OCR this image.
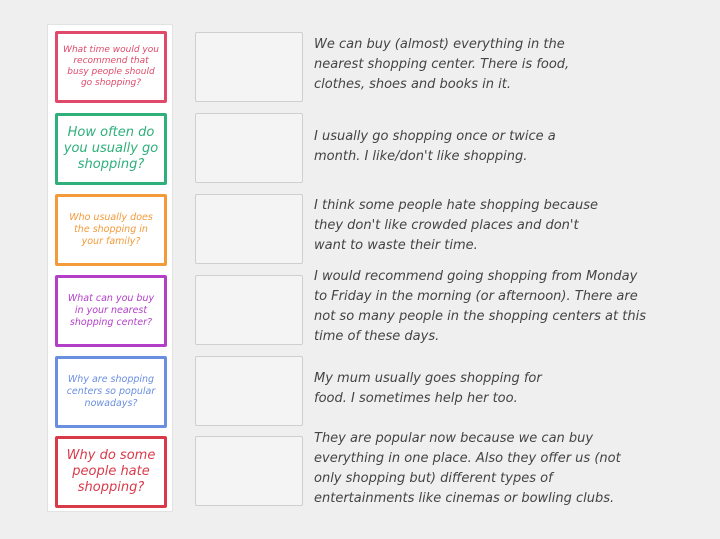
What time would you recommend that busy people should go shopping?
How often do you usually go shopping?
Who usually does the shopping in your family?
What can you buy in your nearest shopping center?
Why are shopping centers so popular nowadays?
Why do some people hate shopping?
We can buy (almost) everything in the nearest shopping center. There is food, clothes, shoes and books in it.
I usually go shopping once or twice a month. I like/don't like shopping.
I think some people hate shopping because they don't like crowded places and don't want to waste their time.
I would recommend going shopping from Monday to Friday in the morning (or afternoon). There are not so many people in the shopping centers at this time of these days.
My mum usually goes shopping for food. I sometimes help her too.
They are popular now because we can buy everything in one place. Also they offer us (not only shopping but) different types of entertainments like cinemas or bowling clubs.
